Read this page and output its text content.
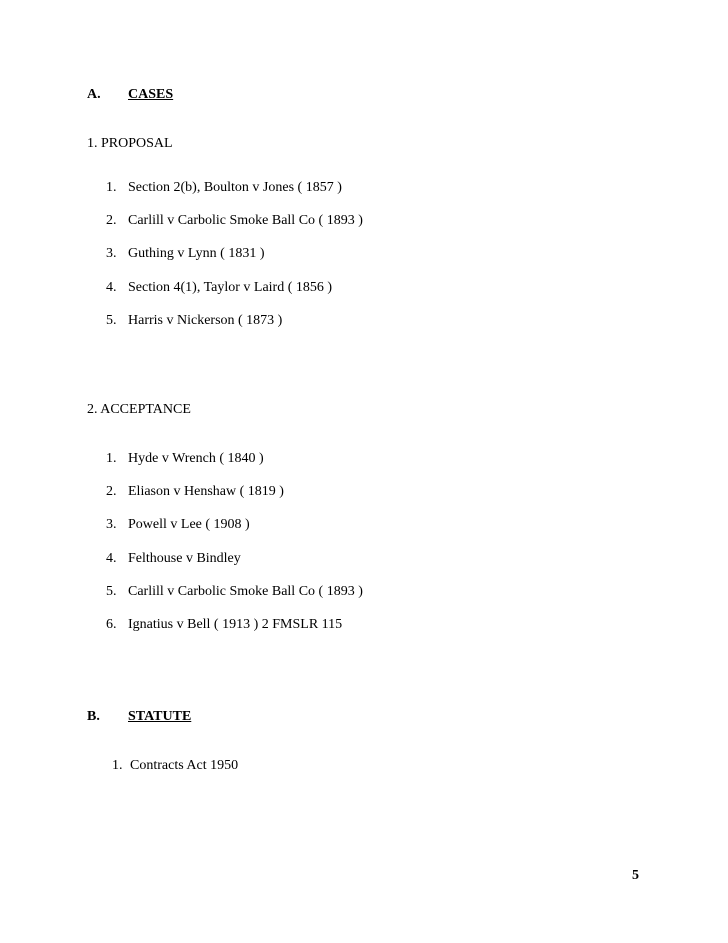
A. CASES
1. PROPOSAL
1. Section 2(b), Boulton v Jones ( 1857 )
2. Carlill v Carbolic Smoke Ball Co ( 1893 )
3. Guthing v Lynn ( 1831 )
4. Section 4(1), Taylor v Laird ( 1856 )
5. Harris v Nickerson ( 1873 )
2. ACCEPTANCE
1. Hyde v Wrench ( 1840 )
2. Eliason v Henshaw ( 1819 )
3. Powell v Lee ( 1908 )
4. Felthouse v Bindley
5. Carlill v Carbolic Smoke Ball Co ( 1893 )
6. Ignatius v Bell ( 1913 ) 2 FMSLR 115
B. STATUTE
1. Contracts Act 1950
5
